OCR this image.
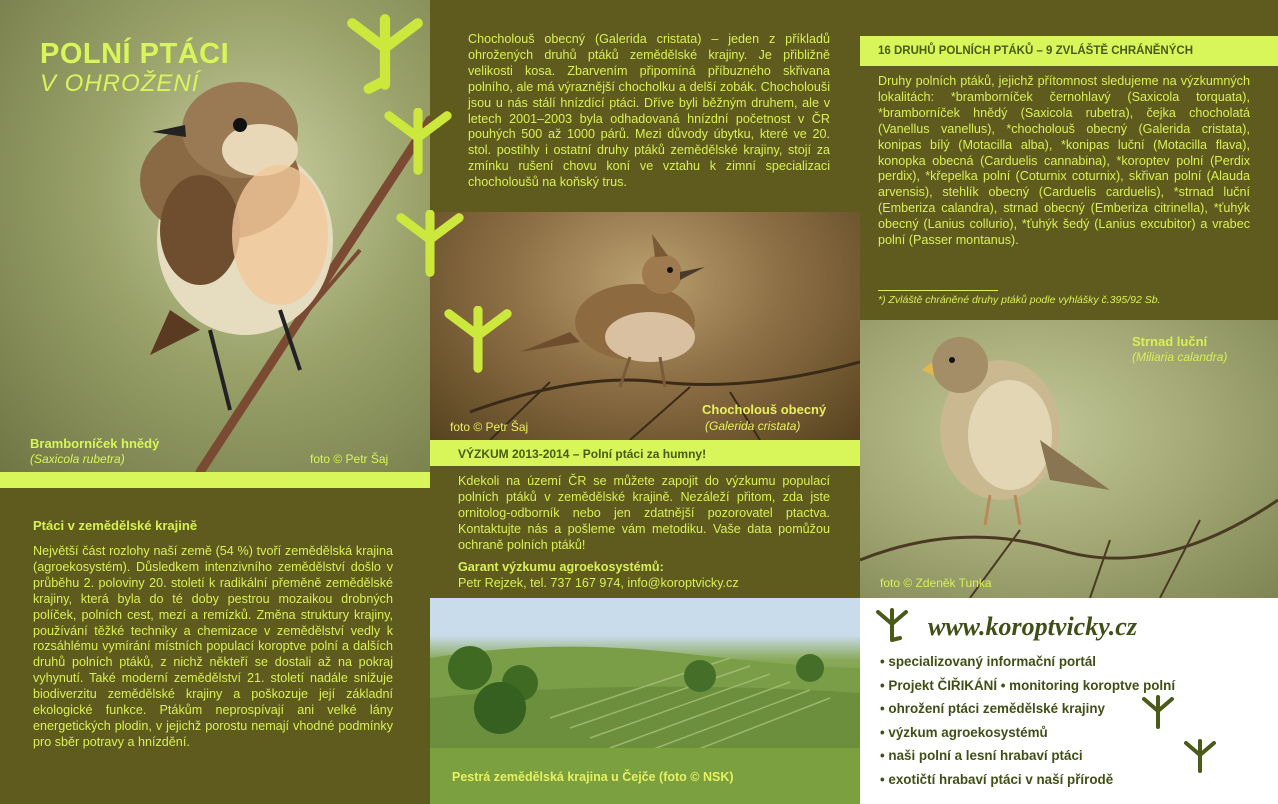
POLNÍ PTÁCI
V OHROŽENÍ
Bramborníček hnědý
(Saxicola rubetra)	foto © Petr Šaj
Ptáci v zemědělské krajině

Největší část rozlohy naší země (54 %) tvoří zemědělská krajina (agroekosystém). Důsledkem intenzivního zemědělství došlo v průběhu 2. poloviny 20. století k radikální přeměně zemědělské krajiny, která byla do té doby pestrou mozaikou drobných políček, polních cest, mezí a remízků. Změna struktury krajiny, používání těžké techniky a chemizace v zemědělství vedly k rozsáhlému vymírání místních populací koroptve polní a dalších druhů polních ptáků, z nichž někteří se dostali až na pokraj vyhynutí. Také moderní zemědělství 21. století nadále snižuje biodiverzitu zemědělské krajiny a poškozuje její základní ekologické funkce. Ptákům neprospívají ani velké lány energetických plodin, v jejichž porostu nemají vhodné podmínky pro sběr potravy a hnízdění.

Chocholouš obecný (Galerida cristata) – jeden z příkladů ohrožených druhů ptáků zemědělské krajiny. Je přibližně velikosti kosa. Zbarvením připomíná příbuzného skřivana polního, ale má výraznější chocholku a delší zobák. Chocholouši jsou u nás stálí hnízdící ptáci. Dříve byli běžným druhem, ale v letech 2001–2003 byla odhadovaná hnízdní početnost v ČR pouhých 500 až 1000 párů. Mezi důvody úbytku, které ve 20. stol. postihly i ostatní druhy ptáků zemědělské krajiny, stojí za zmínku rušení chovu koní ve vztahu k zimní specializaci chocholoušů na koňský trus.

foto © Petr Šaj
Chocholouš obecný
(Galerida cristata)
VÝZKUM 2013-2014 – Polní ptáci za humny!

Kdekoli na území ČR se můžete zapojit do výzkumu populací polních ptáků v zemědělské krajině. Nezáleží přitom, zda jste ornitolog-odborník nebo jen zdatnější pozorovatel ptactva. Kontaktujte nás a pošleme vám metodiku. Vaše data pomůžou ochraně polních ptáků!

Garant výzkumu agroekosystémů:
Petr Rejzek, tel. 737 167 974, info@koroptvicky.cz
Pestrá zemědělská krajina u Čejče (foto © NSK)
16 DRUHŮ POLNÍCH PTÁKŮ – 9 ZVLÁŠTĚ CHRÁNĚNÝCH

Druhy polních ptáků, jejichž přítomnost sledujeme na výzkumných lokalitách: *bramborníček černohlavý (Saxicola torquata), *bramborníček hnědý (Saxicola rubetra), čejka chocholatá (Vanellus vanellus), *chocholouš obecný (Galerida cristata), konipas bílý (Motacilla alba), *konipas luční (Motacilla flava), konopka obecná (Carduelis cannabina), *koroptev polní (Perdix perdix), *křepelka polní (Coturnix coturnix), skřivan polní (Alauda arvensis), stehlík obecný (Carduelis carduelis), *strnad luční (Emberiza calandra), strnad obecný (Emberiza citrinella), *ťuhýk obecný (Lanius collurio), *ťuhýk šedý (Lanius excubitor) a vrabec polní (Passer montanus).

*) Zvláště chráněné druhy ptáků podle vyhlášky č.395/92 Sb.
Strnad luční
(Miliaria calandra)
foto © Zdeněk Tunka
www.koroptvicky.cz
• specializovaný informační portál
• Projekt ČIŘIKÁNÍ • monitoring koroptve polní
• ohrožení ptáci zemědělské krajiny
• výzkum agroekosystémů
• naši polní a lesní hrabaví ptáci
• exotičtí hrabaví ptáci v naší přírodě
